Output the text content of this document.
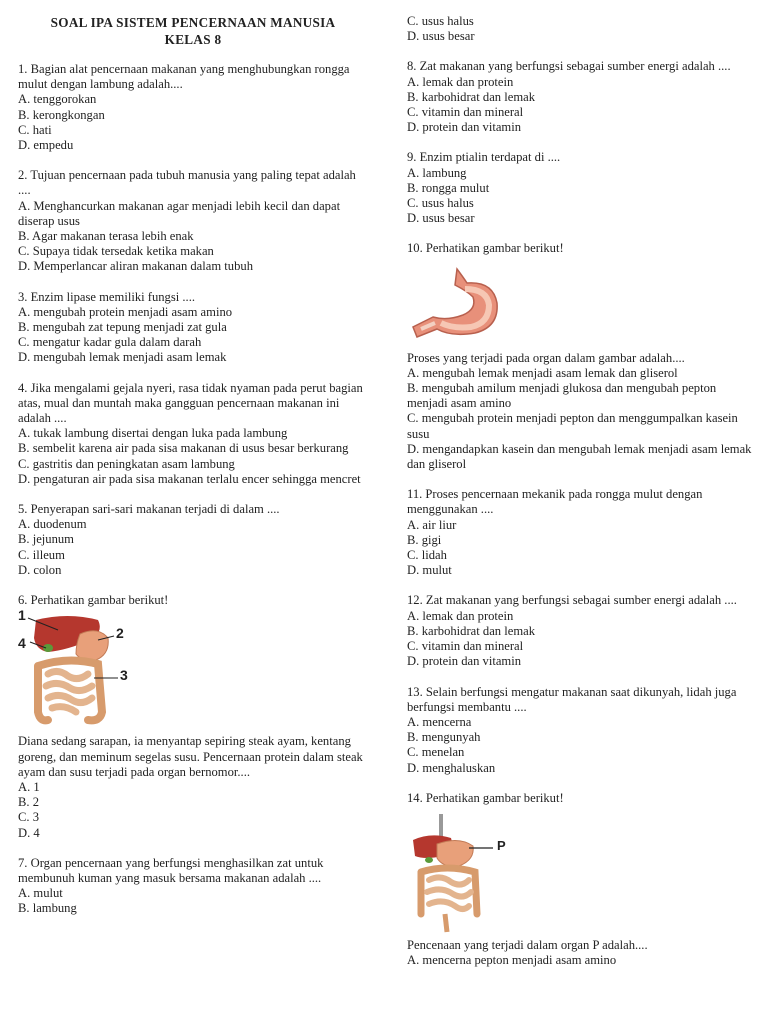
SOAL IPA SISTEM PENCERNAAN MANUSIA
KELAS 8

1. Bagian alat pencernaan makanan yang menghubungkan rongga mulut dengan lambung adalah....

A. tenggorokan

B. kerongkongan

C. hati

D. empedu

2. Tujuan pencernaan pada tubuh manusia yang paling tepat adalah ....

A. Menghancurkan makanan agar menjadi lebih kecil dan dapat diserap usus

B. Agar makanan terasa lebih enak

C. Supaya tidak tersedak ketika makan

D. Memperlancar aliran makanan dalam tubuh

3. Enzim lipase memiliki fungsi ....

A. mengubah protein menjadi asam amino

B. mengubah zat tepung menjadi zat gula

C. mengatur kadar gula dalam darah

D. mengubah lemak menjadi asam lemak

4. Jika mengalami gejala nyeri, rasa tidak nyaman pada perut bagian atas, mual dan muntah maka gangguan pencernaan makanan ini adalah ....

A. tukak lambung disertai dengan luka pada lambung

B. sembelit karena air pada sisa makanan di usus besar berkurang

C. gastritis dan peningkatan asam lambung

D. pengaturan air pada sisa makanan terlalu encer sehingga mencret

5. Penyerapan sari-sari makanan terjadi di dalam ....

A. duodenum

B. jejunum

C. illeum

D. colon

6. Perhatikan gambar berikut!

1
2
3
4

Diana sedang sarapan, ia menyantap sepiring steak ayam, kentang goreng, dan meminum segelas susu. Pencernaan protein dalam steak ayam dan susu terjadi pada organ bernomor....

A. 1

B. 2

C. 3

D. 4

7. Organ pencernaan yang berfungsi menghasilkan zat untuk membunuh kuman yang masuk bersama makanan adalah ....

A. mulut

B. lambung

C. usus halus

D. usus besar

8. Zat makanan yang berfungsi sebagai sumber energi adalah ....

A. lemak dan protein

B. karbohidrat dan lemak

C. vitamin dan mineral

D. protein dan vitamin

9. Enzim ptialin terdapat di ....

A. lambung

B. rongga mulut

C. usus halus

D. usus besar

10. Perhatikan gambar berikut!

Proses yang terjadi pada organ dalam gambar adalah....

A. mengubah lemak menjadi asam lemak dan gliserol

B. mengubah amilum menjadi glukosa dan mengubah pepton menjadi asam amino

C. mengubah protein menjadi pepton dan menggumpalkan kasein susu

D. mengandapkan kasein dan mengubah lemak menjadi asam lemak dan gliserol

11. Proses pencernaan mekanik pada rongga mulut dengan menggunakan ....

A. air liur

B. gigi

C. lidah

D. mulut

12. Zat makanan yang berfungsi sebagai sumber energi adalah ....

A. lemak dan protein

B. karbohidrat dan lemak

C. vitamin dan mineral

D. protein dan vitamin

13. Selain berfungsi mengatur makanan saat dikunyah, lidah juga berfungsi membantu ....

A. mencerna

B. mengunyah

C. menelan

D. menghaluskan

14. Perhatikan gambar berikut!

P

Pencenaan yang terjadi dalam organ P adalah....

A. mencerna pepton menjadi asam amino
